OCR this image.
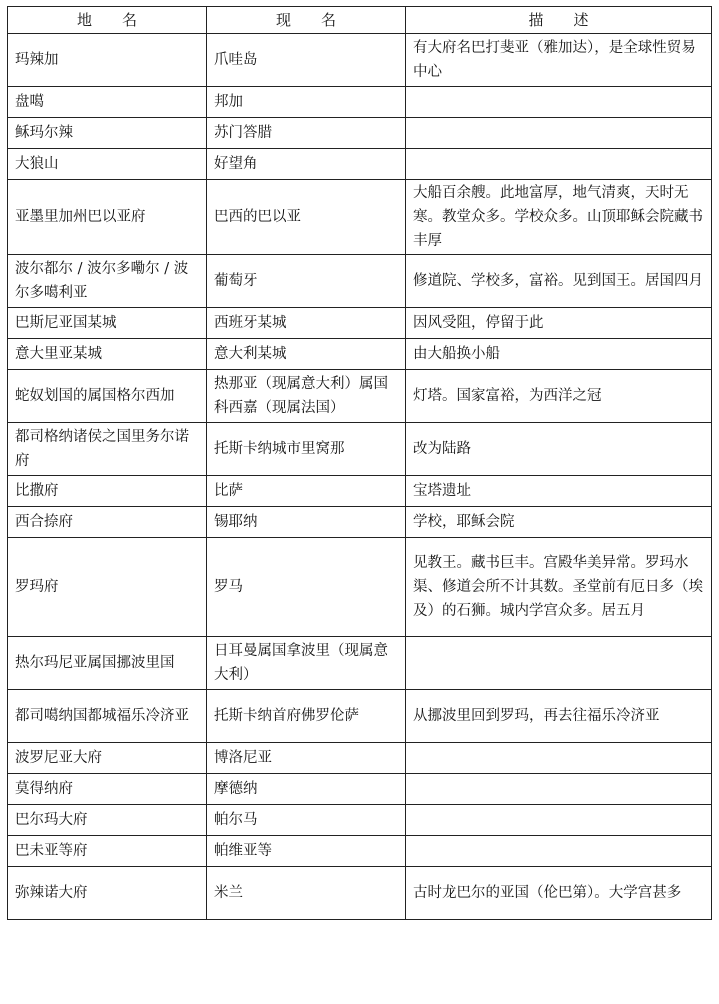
地　　名	现　　名	描　　述
玛辣加	爪哇岛	有大府名巴打斐亚（雅加达），是全球性贸易中心
盘噶	邦加	
稣玛尔辣	苏门答腊	
大狼山	好望角	
亚墨里加州巴以亚府	巴西的巴以亚	大船百余艘。此地富厚，地气清爽，天时无寒。教堂众多。学校众多。山顶耶稣会院藏书丰厚
波尔都尔 / 波尔多嘞尔 / 波尔多噶利亚	葡萄牙	修道院、学校多，富裕。见到国王。居国四月
巴斯尼亚国某城	西班牙某城	因风受阻，停留于此
意大里亚某城	意大利某城	由大船换小船
蛇奴划国的属国格尔西加	热那亚（现属意大利）属国科西嘉（现属法国）	灯塔。国家富裕，为西洋之冠
都司格纳诸侯之国里务尔诺府	托斯卡纳城市里窝那	改为陆路
比撒府	比萨	宝塔遗址
西合捺府	锡耶纳	学校，耶稣会院
罗玛府	罗马	见教王。藏书巨丰。宫殿华美异常。罗玛水渠、修道会所不计其数。圣堂前有厄日多（埃及）的石狮。城内学宫众多。居五月
热尔玛尼亚属国挪波里国	日耳曼属国拿波里（现属意大利）	
都司噶纳国都城福乐冷济亚	托斯卡纳首府佛罗伦萨	从挪波里回到罗玛，再去往福乐冷济亚
波罗尼亚大府	博洛尼亚	
莫得纳府	摩德纳	
巴尔玛大府	帕尔马	
巴未亚等府	帕维亚等	
弥辣诺大府	米兰	古时龙巴尔的亚国（伦巴第）。大学宫甚多
